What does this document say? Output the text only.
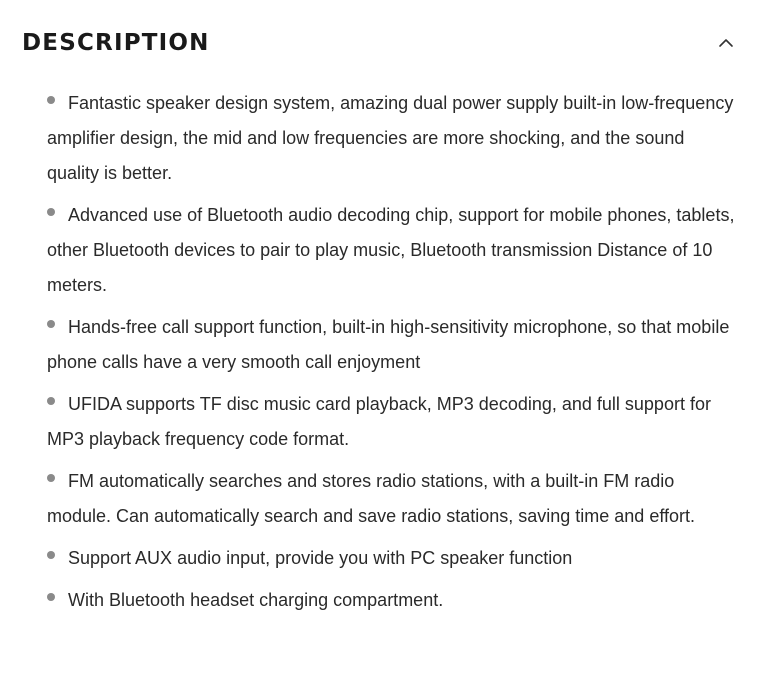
DESCRIPTION
Fantastic speaker design system, amazing dual power supply built-in low-frequency amplifier design, the mid and low frequencies are more shocking, and the sound quality is better.
Advanced use of Bluetooth audio decoding chip, support for mobile phones, tablets, other Bluetooth devices to pair to play music, Bluetooth transmission Distance of 10 meters.
Hands-free call support function, built-in high-sensitivity microphone, so that mobile phone calls have a very smooth call enjoyment
UFIDA supports TF disc music card playback, MP3 decoding, and full support for MP3 playback frequency code format.
FM automatically searches and stores radio stations, with a built-in FM radio module. Can automatically search and save radio stations, saving time and effort.
Support AUX audio input, provide you with PC speaker function
With Bluetooth headset charging compartment.
